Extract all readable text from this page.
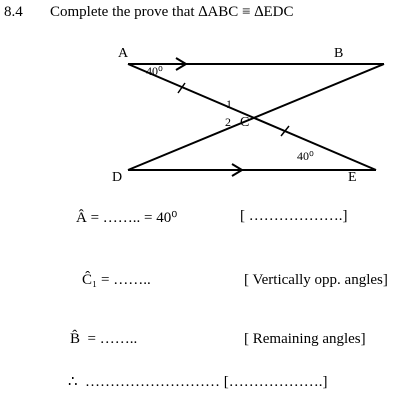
8.4 Complete the prove that ∆ABC ≡ ∆EDC
A	B
C
D	E
1
2
40⁰
40⁰
Â = …….. = 40⁰	[ ……………….]
Ĉ₁ = ……..	[ Vertically opp. angles]
B̂  = ……..	[ Remaining angles]
∴  ……………………… [……………….]
